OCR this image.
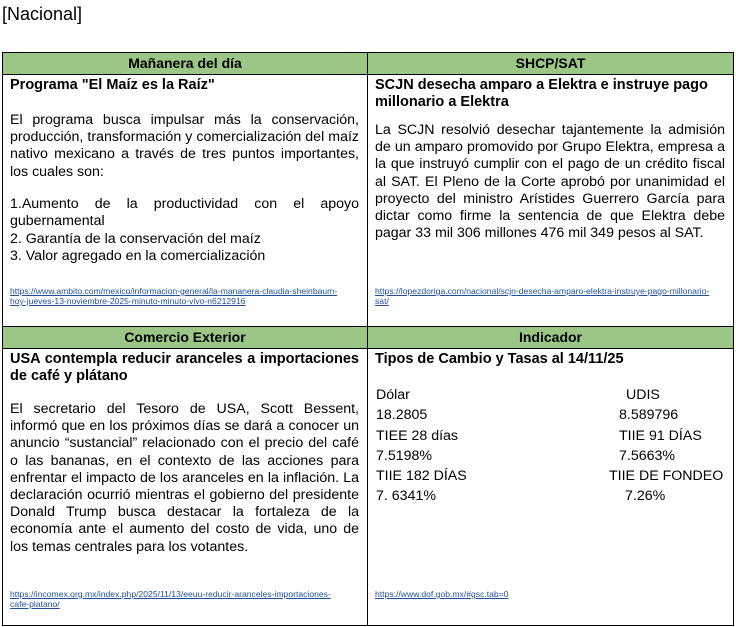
[Nacional]
Mañanera del día	SHCP/SAT
Programa "El Maíz es la Raíz"
El programa busca impulsar más la conservación, producción, transformación y comercialización del maíz nativo mexicano a través de tres puntos importantes, los cuales son:
1.Aumento de la productividad con el apoyo gubernamental
2. Garantía de la conservación del maíz
3. Valor agregado en la comercialización
https://www.ambito.com/mexico/informacion-general/la-mananera-claudia-sheinbaum-hoy-jueves-13-noviembre-2025-minuto-minuto-vivo-n6212916
SCJN desecha amparo a Elektra e instruye pago millonario a Elektra
La SCJN resolvió desechar tajantemente la admisión de un amparo promovido por Grupo Elektra, empresa a la que instruyó cumplir con el pago de un crédito fiscal al SAT. El Pleno de la Corte aprobó por unanimidad el proyecto del ministro Arístides Guerrero García para dictar como firme la sentencia de que Elektra debe pagar 33 mil 306 millones 476 mil 349 pesos al SAT.
https://lopezdoriga.com/nacional/scjn-desecha-amparo-elektra-instruye-pago-millonario-sat/
Comercio Exterior	Indicador
USA contempla reducir aranceles a importaciones de café y plátano
El secretario del Tesoro de USA, Scott Bessent, informó que en los próximos días se dará a conocer un anuncio “sustancial” relacionado con el precio del café o las bananas, en el contexto de las acciones para enfrentar el impacto de los aranceles en la inflación. La declaración ocurrió mientras el gobierno del presidente Donald Trump busca destacar la fortaleza de la economía ante el aumento del costo de vida, uno de los temas centrales para los votantes.
https://incomex.org.mx/index.php/2025/11/13/eeuu-reducir-aranceles-importaciones-cafe-platano/
Tipos de Cambio y Tasas al 14/11/25
Dólar	UDIS
18.2805	8.589796
TIEE 28 días	TIIE 91 DÍAS
7.5198%	7.5663%
TIIE 182 DÍAS	TIIE DE FONDEO
7. 6341%	7.26%
https://www.dof.gob.mx/#gsc.tab=0
